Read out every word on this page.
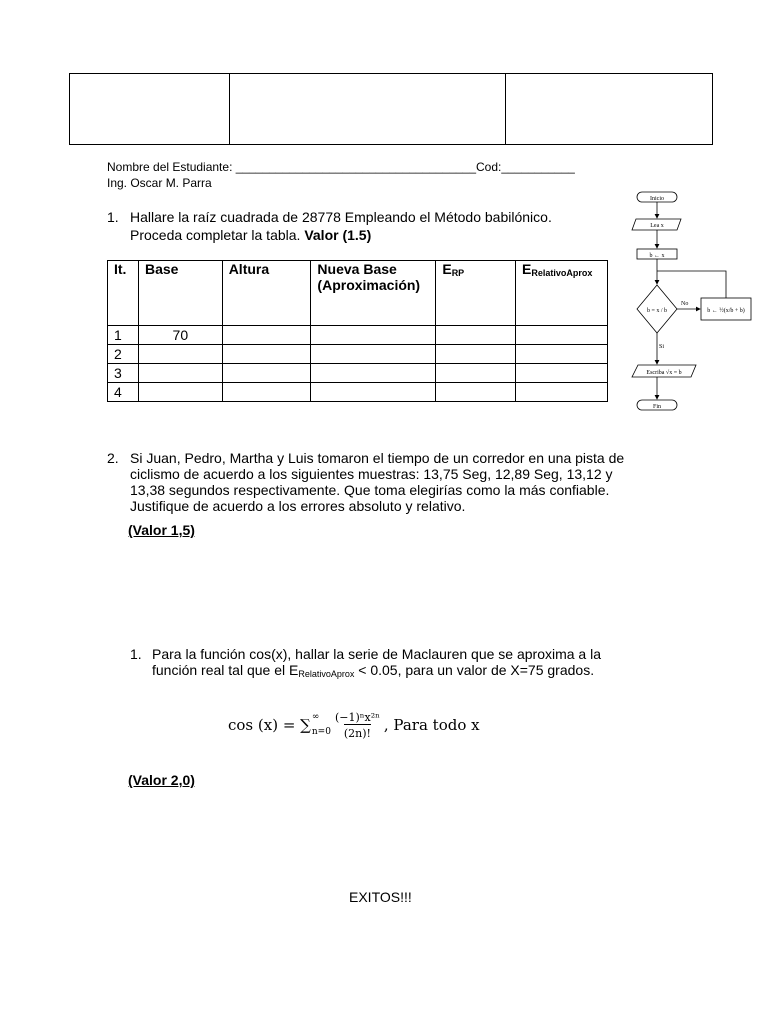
Nombre del Estudiante: ____________________________________Cod:___________
Ing. Oscar M. Parra
1. Hallare la raíz cuadrada de 28778 Empleando el Método babilónico.
Proceda completar la tabla. Valor (1.5)
It.	Base	Altura	Nueva Base (Aproximación)	$E_{RP}$	$E_{RelativoAprox}$
1	70				
2					
3					
4					
Inicio
Lea x
b ← x
b = x / b
No
b ← ½(x/b + b)
Si
Escriba √x = b
Fin
2. Si Juan, Pedro, Martha y Luis tomaron el tiempo de un corredor en una pista de
ciclismo de acuerdo a los siguientes muestras: 13,75 Seg, 12,89 Seg, 13,12 y
13,38 segundos respectivamente. Que toma elegirías como la más confiable.
Justifique de acuerdo a los errores absoluto y relativo.
(Valor 1,5)
1. Para la función cos(x), hallar la serie de Maclauren que se aproxima a la
función real tal que el $E_{RelativoAprox} < 0.05$, para un valor de X=75 grados.
cos (x) = ∑ ∞
n=0
(−1)ⁿx²ⁿ
(2n)! , Para todo x
(Valor 2,0)
EXITOS!!!
